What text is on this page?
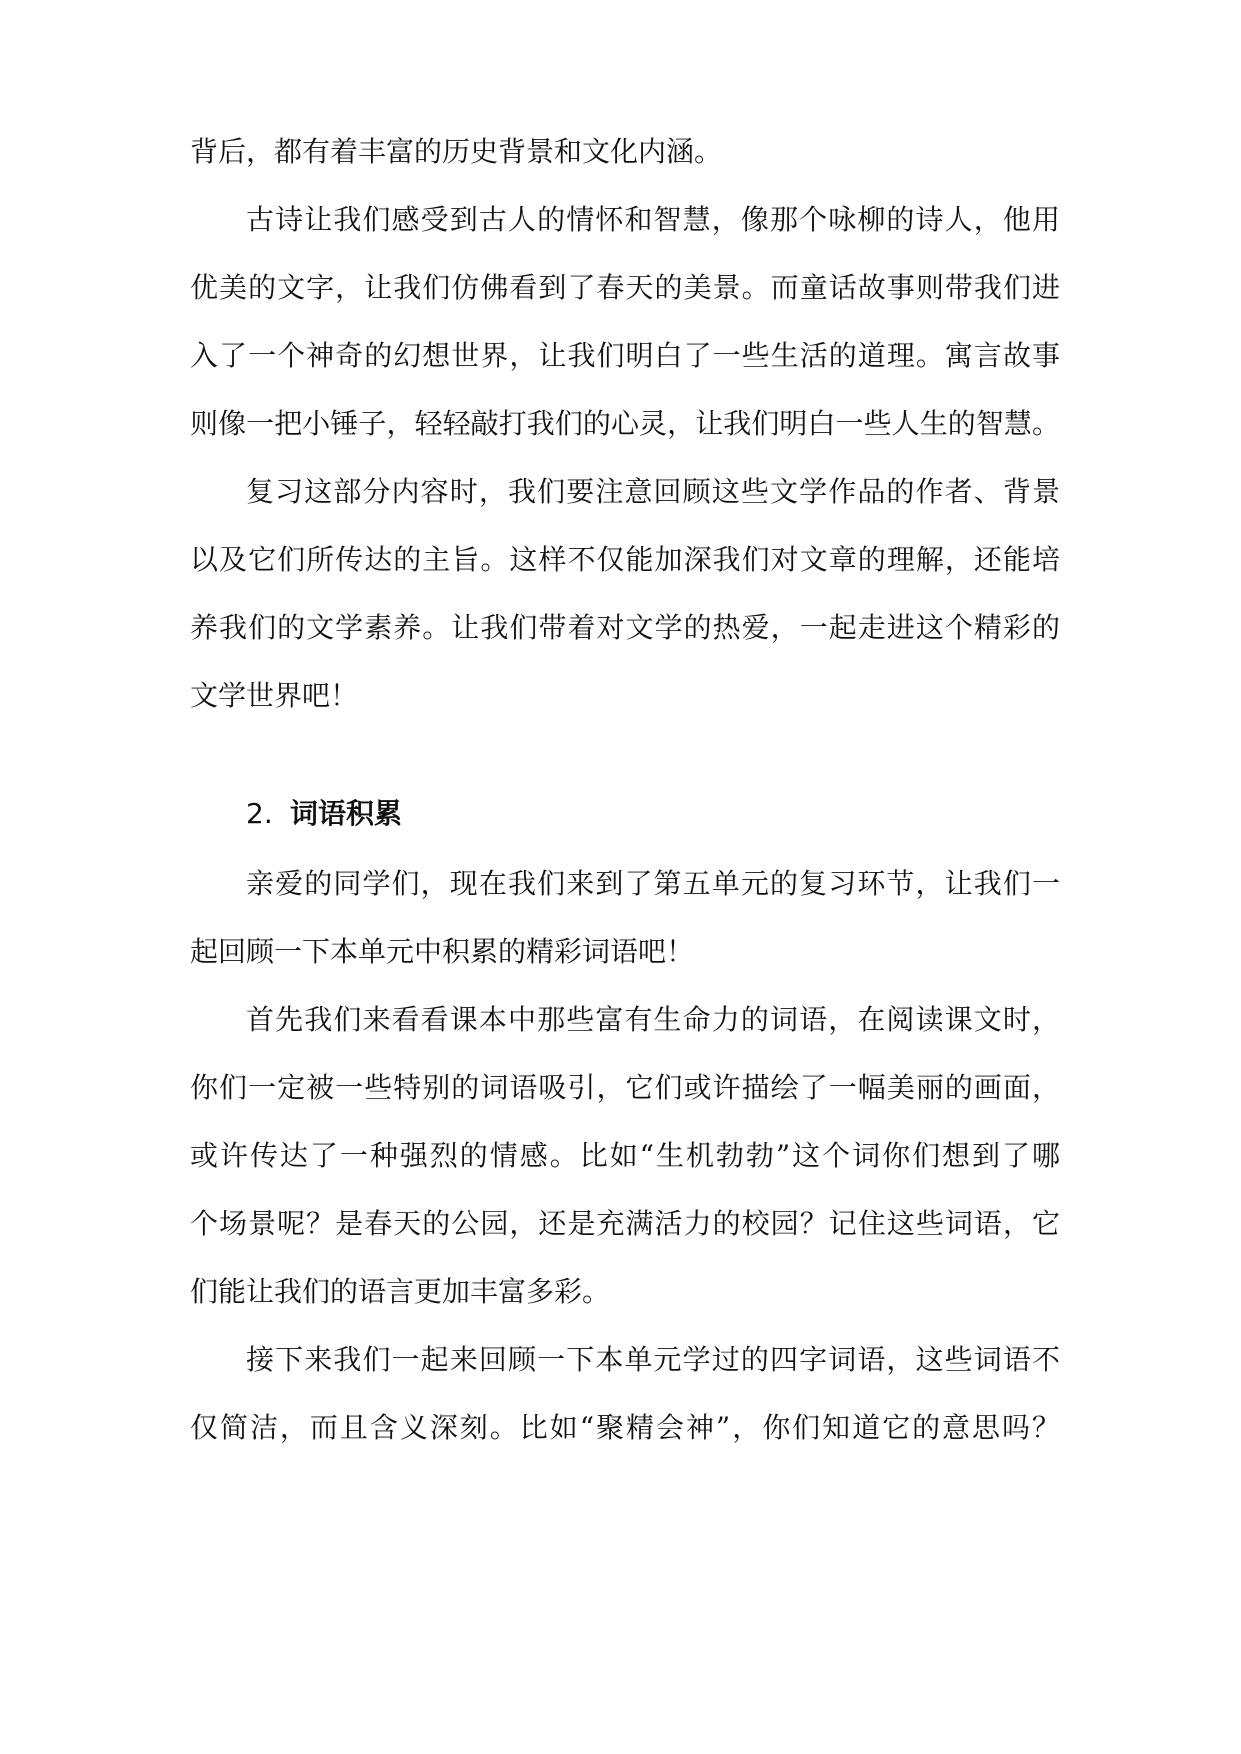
背后，都有着丰富的历史背景和文化内涵。
古诗让我们感受到古人的情怀和智慧，像那个咏柳的诗人，他用
优美的文字，让我们仿佛看到了春天的美景。而童话故事则带我们进
入了一个神奇的幻想世界，让我们明白了一些生活的道理。寓言故事
则像一把小锤子，轻轻敲打我们的心灵，让我们明白一些人生的智慧。
复习这部分内容时，我们要注意回顾这些文学作品的作者、背景
以及它们所传达的主旨。这样不仅能加深我们对文章的理解，还能培
养我们的文学素养。让我们带着对文学的热爱，一起走进这个精彩的
文学世界吧！
2. 词语积累
亲爱的同学们，现在我们来到了第五单元的复习环节，让我们一
起回顾一下本单元中积累的精彩词语吧！
首先我们来看看课本中那些富有生命力的词语，在阅读课文时，
你们一定被一些特别的词语吸引，它们或许描绘了一幅美丽的画面，
或许传达了一种强烈的情感。比如“生机勃勃”这个词你们想到了哪
个场景呢？是春天的公园，还是充满活力的校园？记住这些词语，它
们能让我们的语言更加丰富多彩。
接下来我们一起来回顾一下本单元学过的四字词语，这些词语不
仅简洁，而且含义深刻。比如“聚精会神”，你们知道它的意思吗？
